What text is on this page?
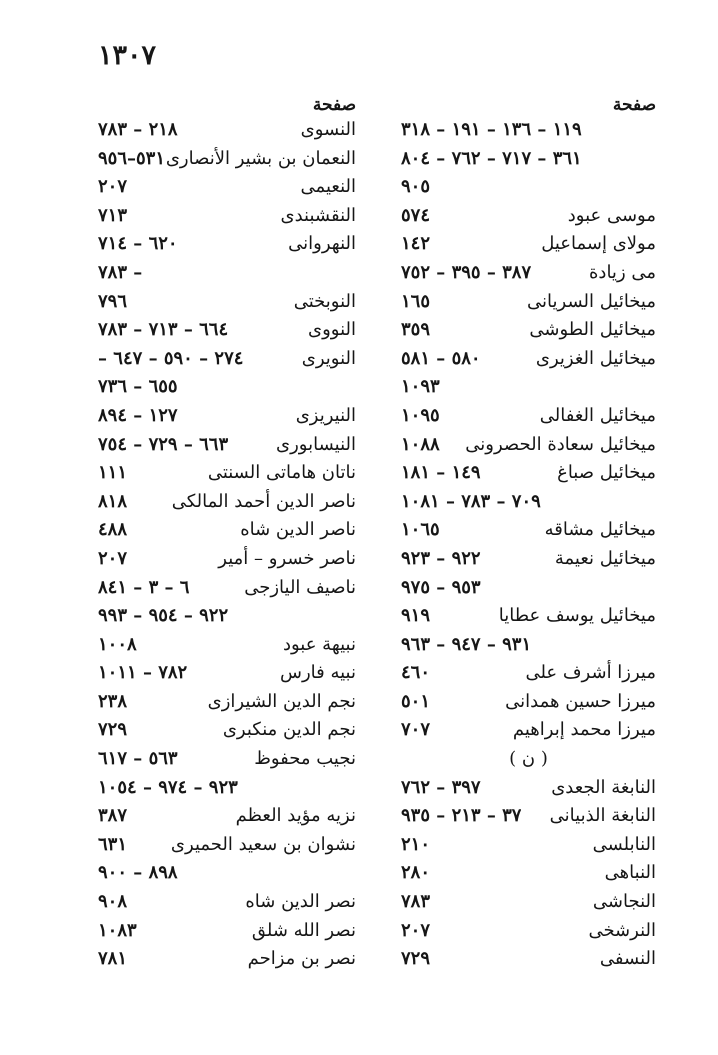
١٣٠٧
صفحة
١١٩ – ١٣٦ – ١٩١ – ٣١٨
٣٦١ – ٧١٧ – ٧٦٢ – ٨٠٤
٩٠٥
موسى عبود
٥٧٤
مولاى إسماعيل
١٤٢
مى زيادة
٣٨٧ – ٣٩٥ – ٧٥٢
ميخائيل السريانى
١٦٥
ميخائيل الطوشى
٣٥٩
ميخائيل الغزيرى
٥٨٠ – ٥٨١
١٠٩٣
ميخائيل الغفالى
١٠٩٥
ميخائيل سعادة الحصرونى
١٠٨٨
ميخائيل صباغ
١٤٩ – ١٨١
٧٠٩ – ٧٨٣ – ١٠٨١
ميخائيل مشاقه
١٠٦٥
ميخائيل نعيمة
٩٢٢ – ٩٢٣
٩٥٣ – ٩٧٥
ميخائيل يوسف عطايا
٩١٩
٩٣١ – ٩٤٧ – ٩٦٣
ميرزا أشرف على
٤٦٠
ميرزا حسين همدانى
٥٠١
ميرزا محمد إبراهيم
٧٠٧
( ن )
النابغة الجعدى
٣٩٧ – ٧٦٢
النابغة الذبيانى
٣٧ – ٢١٣ – ٩٣٥
النابلسى
٢١٠
النباهى
٢٨٠
النجاشى
٧٨٣
النرشخى
٢٠٧
النسفى
٧٢٩
صفحة
النسوى
٢١٨ – ٧٨٣
النعمان بن بشير الأنصارى
٥٣١–٩٥٦
النعيمى
٢٠٧
النقشبندى
٧١٣
النهروانى
٦٢٠ – ٧١٤
– ٧٨٣
النوبختى
٧٩٦
النووى
٦٦٤ – ٧١٣ – ٧٨٣
النويرى
٢٧٤ – ٥٩٠ – ٦٤٧ –
٦٥٥ – ٧٣٦
النيريزى
١٢٧ – ٨٩٤
النيسابورى
٦٦٣ – ٧٢٩ – ٧٥٤
ناتان هاماتى السنتى
١١١
ناصر الدين أحمد المالكى
٨١٨
ناصر الدين شاه
٤٨٨
ناصر خسرو – أمير
٢٠٧
ناصيف اليازجى
٦ – ٣ – ٨٤١
٩٢٢ – ٩٥٤ – ٩٩٣
نبيهة عبود
١٠٠٨
نبيه فارس
٧٨٢ – ١٠١١
نجم الدين الشيرازى
٢٣٨
نجم الدين منكبرى
٧٢٩
نجيب محفوظ
٥٦٣ – ٦١٧
٩٢٣ – ٩٧٤ – ١٠٥٤
نزيه مؤيد العظم
٣٨٧
نشوان بن سعيد الحميرى
٦٣١
٨٩٨ – ٩٠٠
نصر الدين شاه
٩٠٨
نصر الله شلق
١٠٨٣
نصر بن مزاحم
٧٨١
